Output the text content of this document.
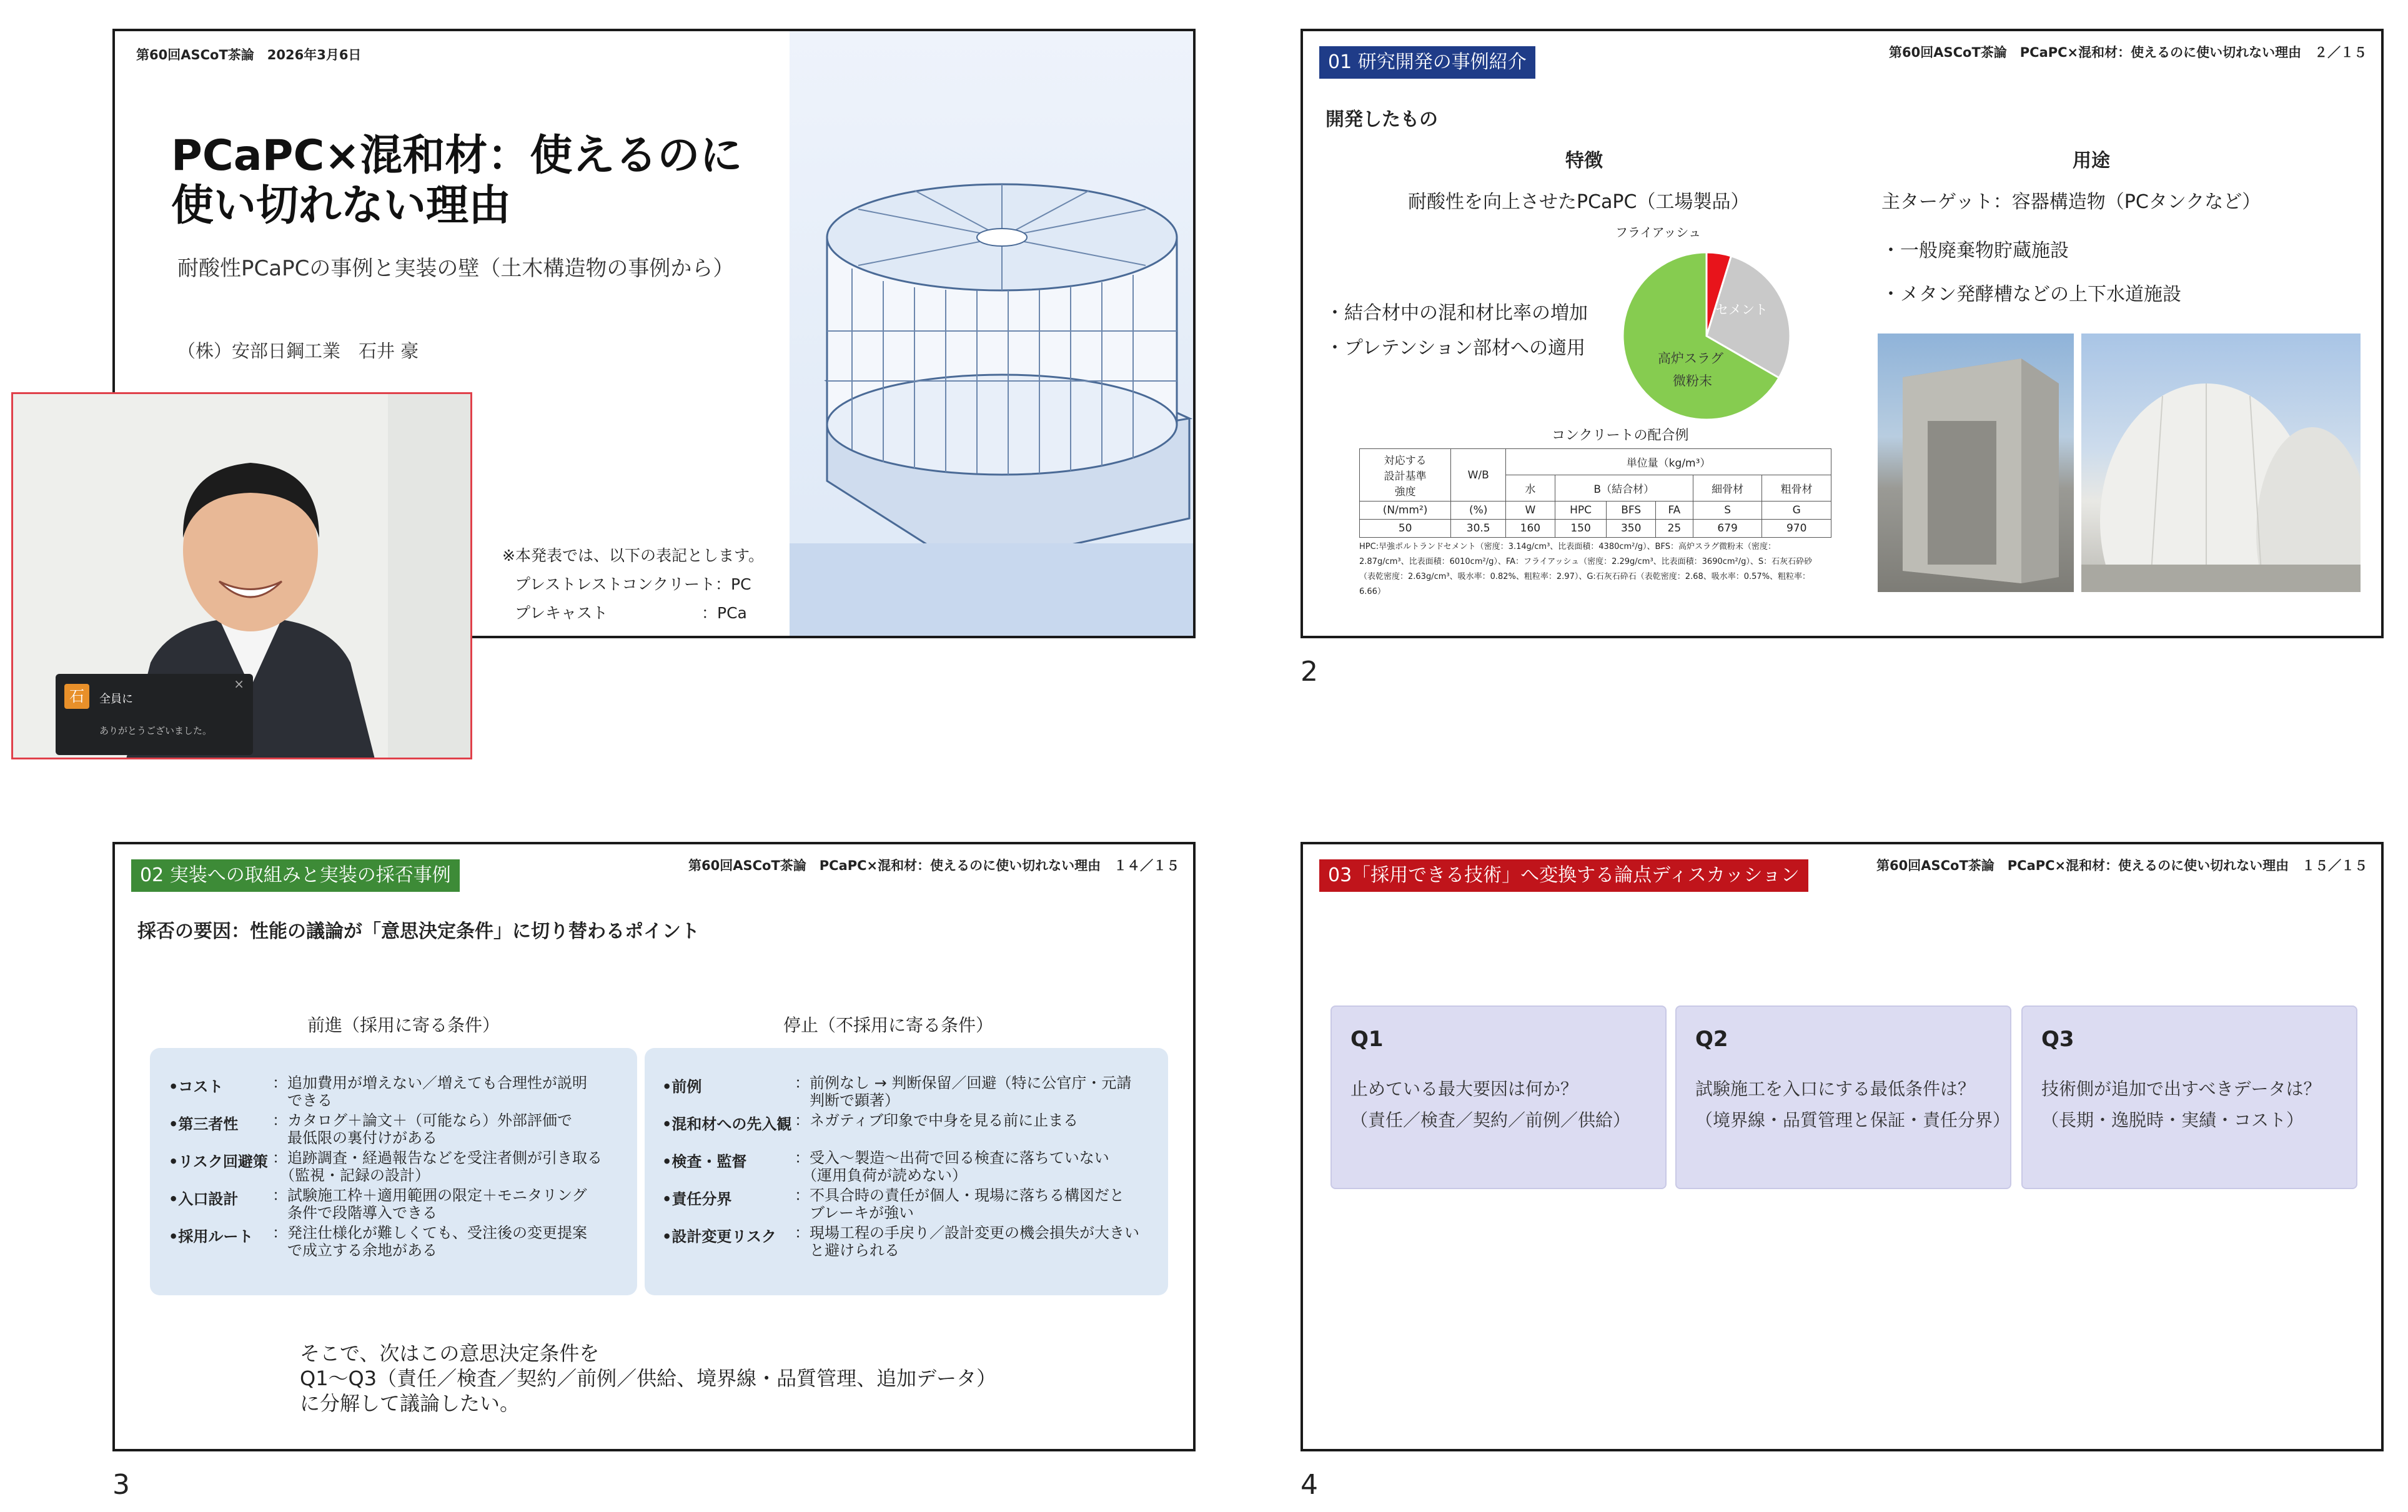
第60回ASCoT茶論　2026年3月6日
PCaPC×混和材：使えるのに
使い切れない理由
耐酸性PCaPCの事例と実装の壁（土木構造物の事例から）
（株）安部日鋼工業　石井 豪
※本発表では、以下の表記とします。
プレストレストコンクリート：PC
プレキャスト　　　　　　：PCa
石	全員に
×
ありがとうございました。
01 研究開発の事例紹介	第60回ASCoT茶論　PCaPC×混和材：使えるのに使い切れない理由　２／１５
開発したもの
特徴	用途
耐酸性を向上させたPCaPC（工場製品）	主ターゲット：容器構造物（PCタンクなど）
・一般廃棄物貯蔵施設
・メタン発酵槽などの上下水道施設
・結合材中の混和材比率の増加
・プレテンション部材への適用
フライアッシュ
セメント
高炉スラグ
微粉末
コンクリートの配合例
対応する
設計基準
強度	W/B	単位量（kg/m³）					
		水	B（結合材）			細骨材	粗骨材
(N/mm²)	(%)	W	HPC	BFS	FA	S	G
50	30.5	160	150	350	25	679	970
HPC:早強ポルトランドセメント（密度：3.14g/cm³、比表面積：4380cm²/g）、BFS：高炉スラグ微粉末（密度：
2.87g/cm³、比表面積：6010cm²/g）、FA：フライアッシュ（密度：2.29g/cm³、比表面積：3690cm²/g）、S：石灰石砕砂
（表乾密度：2.63g/cm³、吸水率：0.82%、粗粒率：2.97）、G:石灰石砕石（表乾密度：2.68、吸水率：0.57%、粗粒率：
6.66）
2
02 実装への取組みと実装の採否事例	第60回ASCoT茶論　PCaPC×混和材：使えるのに使い切れない理由　１４／１５
採否の要因：性能の議論が「意思決定条件」に切り替わるポイント
前進（採用に寄る条件）	停止（不採用に寄る条件）
•コスト	：追加費用が増えない／増えても合理性が説明
　できる
•第三者性 ：カタログ＋論文＋（可能なら）外部評価で
　最低限の裏付けがある
•リスク回避策 ：追跡調査・経過報告などを受注者側が引き取る
　（監視・記録の設計）
•入口設計 ：試験施工枠＋適用範囲の限定＋モニタリング
　条件で段階導入できる
•採用ルート ：発注仕様化が難しくても、受注後の変更提案
　で成立する余地がある
•前例	：前例なし → 判断保留／回避（特に公官庁・元請
　判断で顕著）
•混和材への先入観 ：ネガティブ印象で中身を見る前に止まる
•検査・監督	：受入～製造～出荷で回る検査に落ちていない
　（運用負荷が読めない）
•責任分界	：不具合時の責任が個人・現場に落ちる構図だと
　ブレーキが強い
•設計変更リスク ：現場工程の手戻り／設計変更の機会損失が大きい
　と避けられる
そこで、次はこの意思決定条件を
Q1～Q3（責任／検査／契約／前例／供給、境界線・品質管理、追加データ）
に分解して議論したい。
3
03「採用できる技術」へ変換する論点ディスカッション	第60回ASCoT茶論　PCaPC×混和材：使えるのに使い切れない理由　１５／１５
Q1
止めている最大要因は何か？
（責任／検査／契約／前例／供給）
Q2
試験施工を入口にする最低条件は？
（境界線・品質管理と保証・責任分界）
Q3
技術側が追加で出すべきデータは？
（長期・逸脱時・実績・コスト）
4
